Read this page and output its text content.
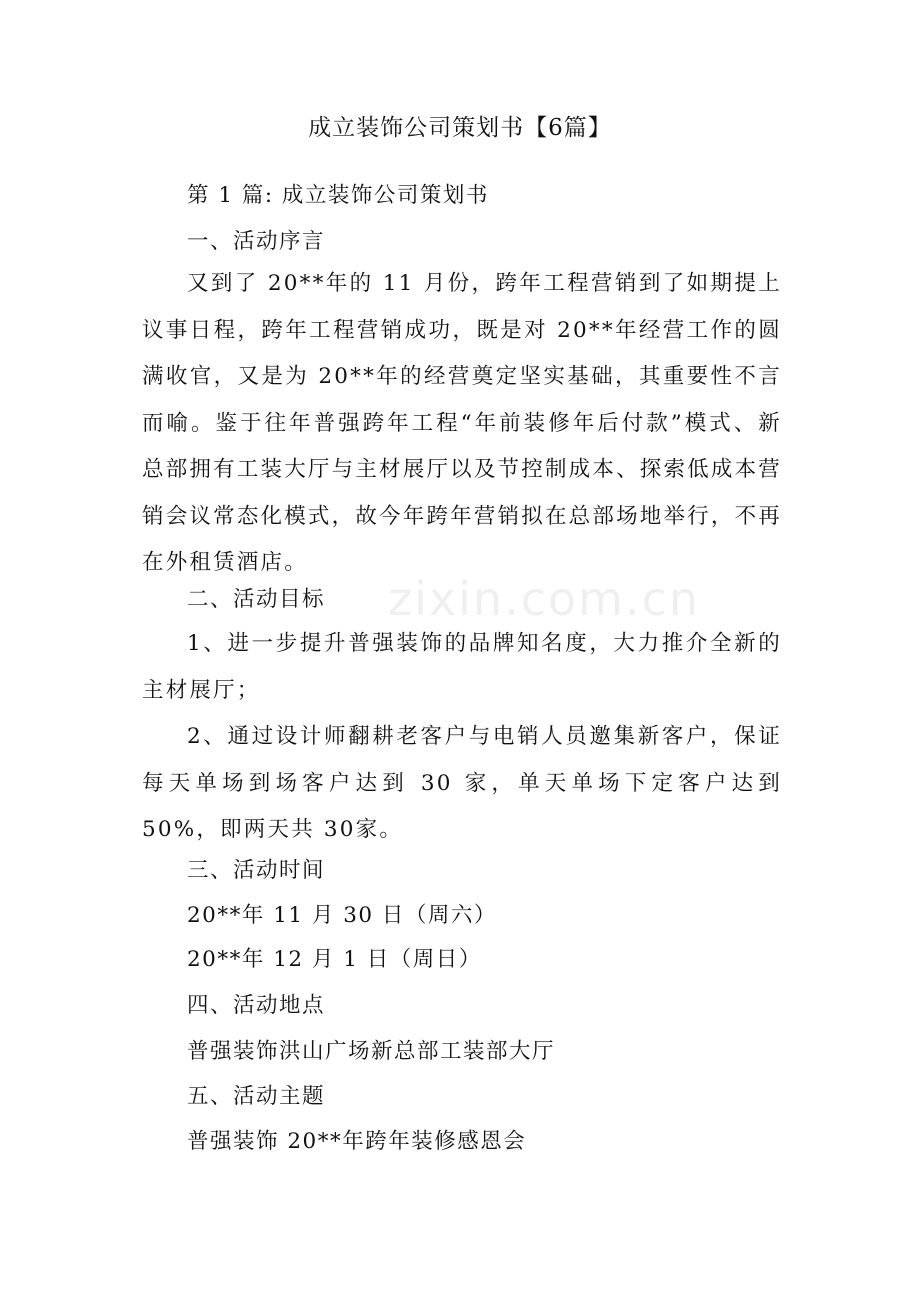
成立装饰公司策划书【6篇】
第 1 篇: 成立装饰公司策划书
一、活动序言
又到了 20**年的 11 月份，跨年工程营销到了如期提上议事日程，跨年工程营销成功，既是对 20**年经营工作的圆满收官，又是为 20**年的经营奠定坚实基础，其重要性不言而喻。鉴于往年普强跨年工程“年前装修年后付款”模式、新总部拥有工装大厅与主材展厅以及节控制成本、探索低成本营销会议常态化模式，故今年跨年营销拟在总部场地举行，不再在外租赁酒店。
二、活动目标
1、进一步提升普强装饰的品牌知名度，大力推介全新的主材展厅；
2、通过设计师翻耕老客户与电销人员邀集新客户，保证每天单场到场客户达到 30 家，单天单场下定客户达到 50%，即两天共 30家。
三、活动时间
20**年 11 月 30 日（周六）
20**年 12 月 1 日（周日）
四、活动地点
普强装饰洪山广场新总部工装部大厅
五、活动主题
普强装饰 20**年跨年装修感恩会
zixin.com.cn
